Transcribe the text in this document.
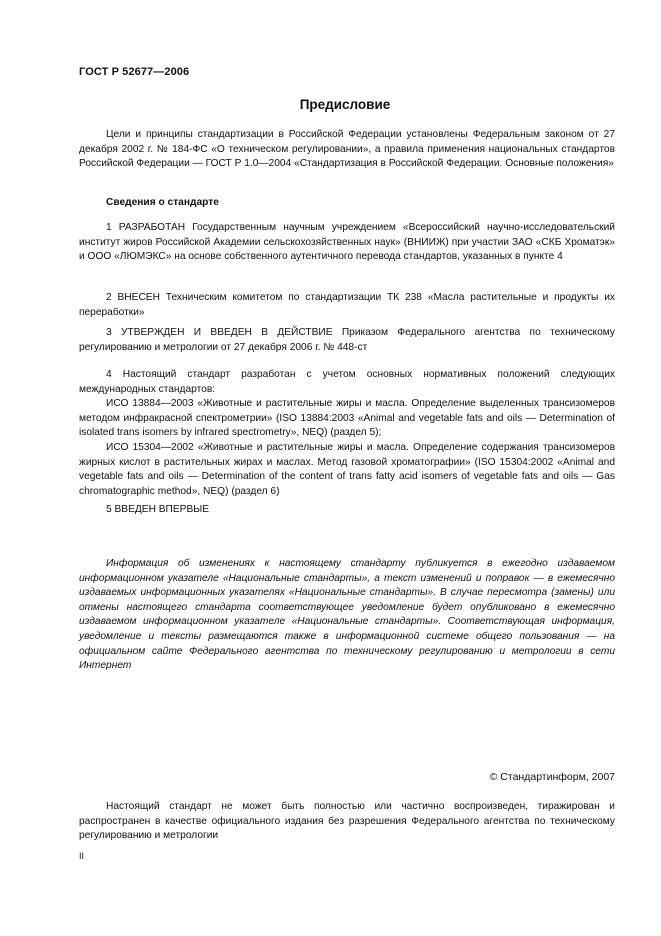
ГОСТ Р 52677—2006
Предисловие
Цели и принципы стандартизации в Российской Федерации установлены Федеральным законом от 27 декабря 2002 г. № 184-ФС «О техническом регулировании», а правила применения национальных стандартов Российской Федерации — ГОСТ Р 1.0—2004 «Стандартизация в Российской Федерации. Основные положения»
Сведения о стандарте
1 РАЗРАБОТАН Государственным научным учреждением «Всероссийский научно-исследовательский институт жиров Российской Академии сельскохозяйственных наук» (ВНИИЖ) при участии ЗАО «СКБ Хроматэк» и ООО «ЛЮМЭКС» на основе собственного аутентичного перевода стандартов, указанных в пункте 4
2 ВНЕСЕН Техническим комитетом по стандартизации ТК 238 «Масла растительные и продукты их переработки»
3 УТВЕРЖДЕН И ВВЕДЕН В ДЕЙСТВИЕ Приказом Федерального агентства по техническому регулированию и метрологии от 27 декабря 2006 г. № 448-ст
4 Настоящий стандарт разработан с учетом основных нормативных положений следующих международных стандартов:
ИСО 13884—2003 «Животные и растительные жиры и масла. Определение выделенных трансизомеров методом инфракрасной спектрометрии» (ISO 13884:2003 «Animal and vegetable fats and oils — Determination of isolated trans isomers by infrared spectrometry», NEQ) (раздел 5);
ИСО 15304—2002 «Животные и растительные жиры и масла. Определение содержания трансизомеров жирных кислот в растительных жирах и маслах. Метод газовой хроматографии» (ISO 15304:2002 «Animal and vegetable fats and oils — Determination of the content of trans fatty acid isomers of vegetable fats and oils — Gas chromatographic method», NEQ) (раздел 6)
5 ВВЕДЕН ВПЕРВЫЕ
Информация об изменениях к настоящему стандарту публикуется в ежегодно издаваемом информационном указателе «Национальные стандарты», а текст изменений и поправок — в ежемесячно издаваемых информационных указателях «Национальные стандарты». В случае пересмотра (замены) или отмены настоящего стандарта соответствующее уведомление будет опубликовано в ежемесячно издаваемом информационном указателе «Национальные стандарты». Соответствующая информация, уведомление и тексты размещаются также в информационной системе общего пользования — на официальном сайте Федерального агентства по техническому регулированию и метрологии в сети Интернет
© Стандартинформ, 2007
Настоящий стандарт не может быть полностью или частично воспроизведен, тиражирован и распространен в качестве официального издания без разрешения Федерального агентства по техническому регулированию и метрологии
II
